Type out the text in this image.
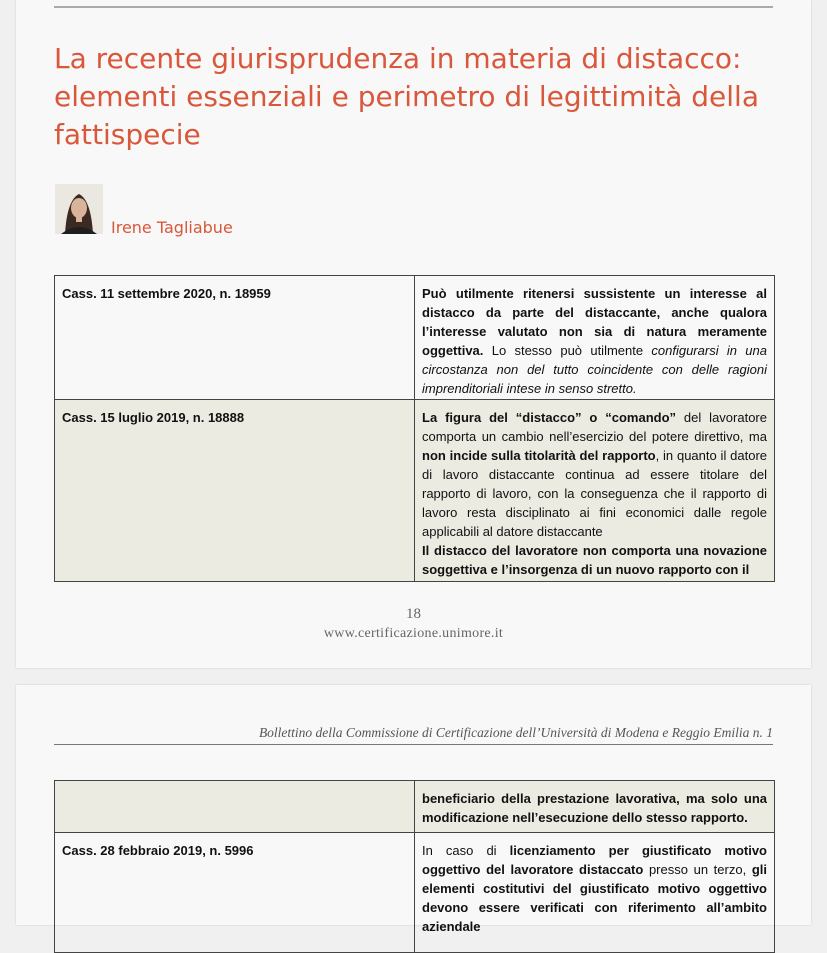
La recente giurisprudenza in materia di distacco: elementi essenziali e perimetro di legittimità della fattispecie
Irene Tagliabue
Cass. 11 settembre 2020, n. 18959	Può utilmente ritenersi sussistente un interesse al distacco da parte del distaccante, anche qualora l’interesse valutato non sia di natura meramente oggettiva. Lo stesso può utilmente configurarsi in una circostanza non del tutto coincidente con delle ragioni imprenditoriali intese in senso stretto.
Cass. 15 luglio 2019, n. 18888	La figura del “distacco” o “comando” del lavoratore comporta un cambio nell’esercizio del potere direttivo, ma non incide sulla titolarità del rapporto, in quanto il datore di lavoro distaccante continua ad essere titolare del rapporto di lavoro, con la conseguenza che il rapporto di lavoro resta disciplinato ai fini economici dalle regole applicabili al datore distaccante
Il distacco del lavoratore non comporta una novazione soggettiva e l’insorgenza di un nuovo rapporto con il
18
www.certificazione.unimore.it
Bollettino della Commissione di Certificazione dell’Università di Modena e Reggio Emilia n. 1
	beneficiario della prestazione lavorativa, ma solo una modificazione nell’esecuzione dello stesso rapporto.
Cass. 28 febbraio 2019, n. 5996	In caso di licenziamento per giustificato motivo oggettivo del lavoratore distaccato presso un terzo, gli elementi costitutivi del giustificato motivo oggettivo devono essere verificati con riferimento all’ambito aziendale
